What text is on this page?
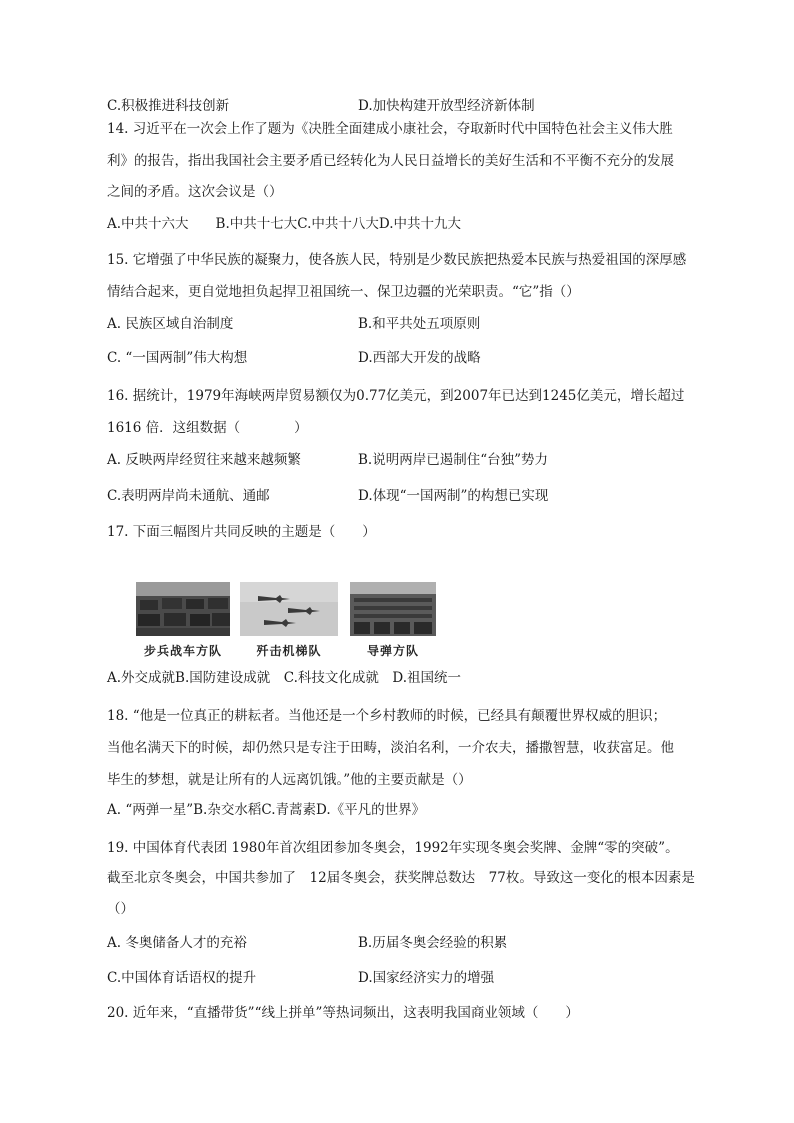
C.积极推进科技创新	D.加快构建开放型经济新体制
14. 习近平在一次会上作了题为《决胜全面建成小康社会，夺取新时代中国特色社会主义伟大胜
利》的报告，指出我国社会主要矛盾已经转化为人民日益增长的美好生活和不平衡不充分的发展
之间的矛盾。这次会议是（）
A.中共十六大　　B.中共十七大C.中共十八大D.中共十九大
15. 它增强了中华民族的凝聚力，使各族人民，特别是少数民族把热爱本民族与热爱祖国的深厚感
情结合起来，更自觉地担负起捍卫祖国统一、保卫边疆的光荣职责。“它”指（）
A. 民族区域自治制度	B.和平共处五项原则
C. “一国两制”伟大构想	D.西部大开发的战略
16. 据统计，1979年海峡两岸贸易额仅为0.77亿美元，到2007年已达到1245亿美元，增长超过
1616 倍．这组数据（　　　　）
A. 反映两岸经贸往来越来越频繁	B.说明两岸已遏制住“台独”势力
C.表明两岸尚未通航、通邮	D.体现“一国两制”的构想已实现
17. 下面三幅图片共同反映的主题是（　　）
步兵战车方队	歼击机梯队	导弹方队
A.外交成就B.国防建设成就　C.科技文化成就　D.祖国统一
18. “他是一位真正的耕耘者。当他还是一个乡村教师的时候，已经具有颠覆世界权威的胆识；
当他名满天下的时候，却仍然只是专注于田畴，淡泊名利，一介农夫，播撒智慧，收获富足。他
毕生的梦想，就是让所有的人远离饥饿。”他的主要贡献是（）
A. “两弹一星”B.杂交水稻C.青蒿素D.《平凡的世界》
19. 中国体育代表团 1980年首次组团参加冬奥会，1992年实现冬奥会奖牌、金牌“零的突破”。
截至北京冬奥会，中国共参加了　12届冬奥会，获奖牌总数达　77枚。导致这一变化的根本因素是
（）
A. 冬奥储备人才的充裕	B.历届冬奥会经验的积累
C.中国体育话语权的提升	D.国家经济实力的增强
20. 近年来，“直播带货”“线上拼单”等热词频出，这表明我国商业领域（　　）
